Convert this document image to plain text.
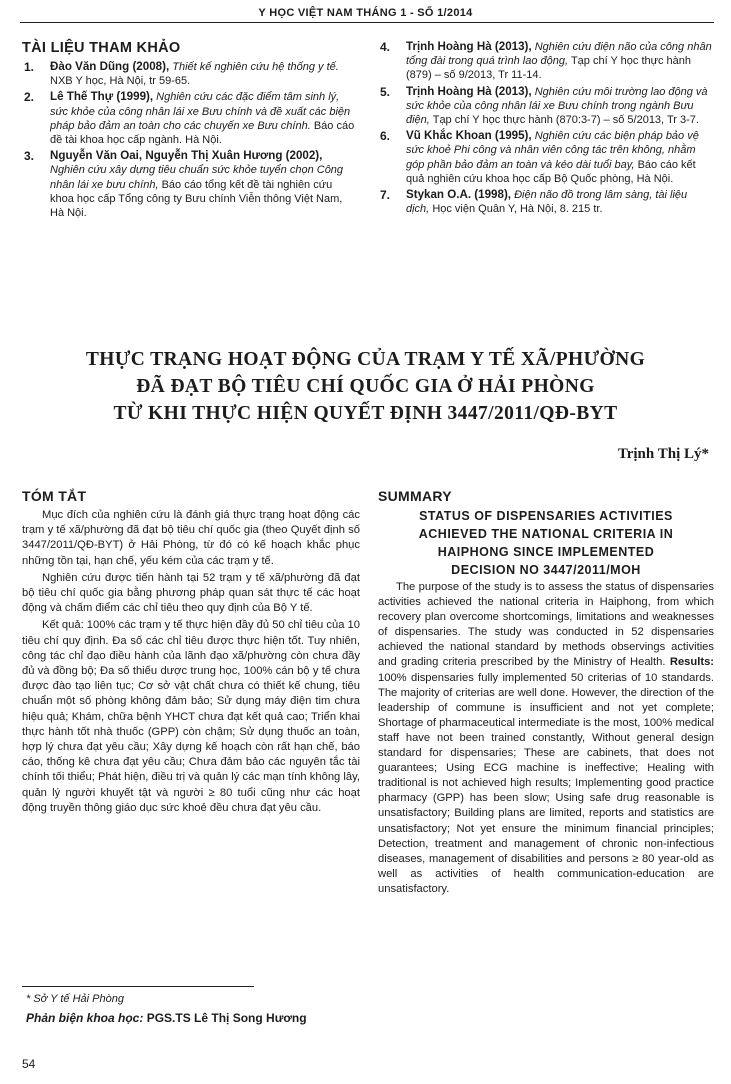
Y HỌC VIỆT NAM THÁNG 1 - SỐ 1/2014
TÀI LIỆU THAM KHẢO
1. Đào Văn Dũng (2008), Thiết kế nghiên cứu hệ thống y tế. NXB Y học, Hà Nội, tr 59-65.
2. Lê Thế Thự (1999), Nghiên cứu các đặc điểm tâm sinh lý, sức khỏe của công nhân lái xe Bưu chính và đề xuất các biện pháp bảo đảm an toàn cho các chuyến xe Bưu chính. Báo cáo đề tài khoa học cấp ngành. Hà Nội.
3. Nguyễn Văn Oai, Nguyễn Thị Xuân Hương (2002), Nghiên cứu xây dựng tiêu chuẩn sức khỏe tuyển chọn Công nhân lái xe bưu chính, Báo cáo tổng kết đề tài nghiên cứu khoa học cấp Tổng công ty Bưu chính Viễn thông Việt Nam, Hà Nội.
4. Trịnh Hoàng Hà (2013), Nghiên cứu điện não của công nhân tổng đài trong quá trình lao động, Tạp chí Y học thực hành (879) – số 9/2013, Tr 11-14.
5. Trịnh Hoàng Hà (2013), Nghiên cứu môi trường lao động và sức khỏe của công nhân lái xe Bưu chính trong ngành Bưu điện, Tạp chí Y học thực hành (870:3-7) – số 5/2013, Tr 3-7.
6. Vũ Khắc Khoan (1995), Nghiên cứu các biện pháp bảo vệ sức khoẻ Phi công và nhân viên công tác trên không, nhằm góp phần bảo đảm an toàn và kéo dài tuổi bay, Báo cáo kết quả nghiên cứu khoa học cấp Bộ Quốc phòng, Hà Nội.
7. Stykan O.A. (1998), Điện não đồ trong lâm sàng, tài liệu dịch, Học viện Quân Y, Hà Nội, 8. 215 tr.
THỰC TRẠNG HOẠT ĐỘNG CỦA TRẠM Y TẾ XÃ/PHƯỜNG
ĐÃ ĐẠT BỘ TIÊU CHÍ QUỐC GIA Ở HẢI PHÒNG
TỪ KHI THỰC HIỆN QUYẾT ĐỊNH 3447/2011/QĐ-BYT
Trịnh Thị Lý*
TÓM TẮT

Mục đích của nghiên cứu là đánh giá thực trạng hoạt động các trạm y tế xã/phường đã đạt bộ tiêu chí quốc gia (theo Quyết định số 3447/2011/QĐ-BYT) ở Hải Phòng, từ đó có kế hoạch khắc phục những tồn tại, hạn chế, yếu kém của các trạm y tế.

Nghiên cứu được tiến hành tại 52 trạm y tế xã/phường đã đạt bộ tiêu chí quốc gia bằng phương pháp quan sát thực tế các hoạt động và chấm điểm các chỉ tiêu theo quy định của Bộ Y tế.

Kết quả: 100% các trạm y tế thực hiện đầy đủ 50 chỉ tiêu của 10 tiêu chí quy định. Đa số các chỉ tiêu được thực hiện tốt. Tuy nhiên, công tác chỉ đạo điều hành của lãnh đạo xã/phường còn chưa đầy đủ và đồng bộ; Đa số thiếu dược trung học, 100% cán bộ y tế chưa được đào tạo liên tục; Cơ sở vật chất chưa có thiết kế chung, tiêu chuẩn một số phòng không đảm bảo; Sử dụng máy điện tim chưa hiệu quả; Khám, chữa bệnh YHCT chưa đạt kết quả cao; Triển khai thực hành tốt nhà thuốc (GPP) còn chậm; Sử dụng thuốc an toàn, hợp lý chưa đạt yêu cầu; Xây dựng kế hoạch còn rất hạn chế, báo cáo, thống kê chưa đạt yêu cầu; Chưa đảm bảo các nguyên tắc tài chính tối thiểu; Phát hiện, điều trị và quản lý các mạn tính không lây, quản lý người khuyết tật và người ≥ 80 tuổi cũng như các hoạt động truyền thông giáo dục sức khoẻ đều chưa đạt yêu cầu.

SUMMARY
STATUS OF DISPENSARIES ACTIVITIES
ACHIEVED THE NATIONAL CRITERIA IN
HAIPHONG SINCE IMPLEMENTED
DECISION NO 3447/2011/MOH

The purpose of the study is to assess the status of dispensaries activities achieved the national criteria in Haiphong, from which recovery plan overcome shortcomings, limitations and weaknesses of dispensaries. The study was conducted in 52 dispensaries achieved the national standard by methods observings activities and grading criteria prescribed by the Ministry of Health. Results: 100% dispensaries fully implemented 50 criterias of 10 standards. The majority of criterias are well done. However, the direction of the leadership of commune is insufficient and not yet complete; Shortage of pharmaceutical intermediate is the most, 100% medical staff have not been trained constantly, Without general design standard for dispensaries; These are cabinets, that does not guarantees; Using ECG machine is ineffective; Healing with traditional is not achieved high results; Implementing good practice pharmacy (GPP) has been slow; Using safe drug reasonable is unsatisfactory; Building plans are limited, reports and statistics are unsatisfactory; Not yet ensure the minimum financial principles; Detection, treatment and management of chronic non-infectious diseases, management of disabilities and persons ≥ 80 year-old as well as activities of health communication-education are unsatisfactory.

* Sở Y tế Hải Phòng
Phản biện khoa học: PGS.TS Lê Thị Song Hương
54
